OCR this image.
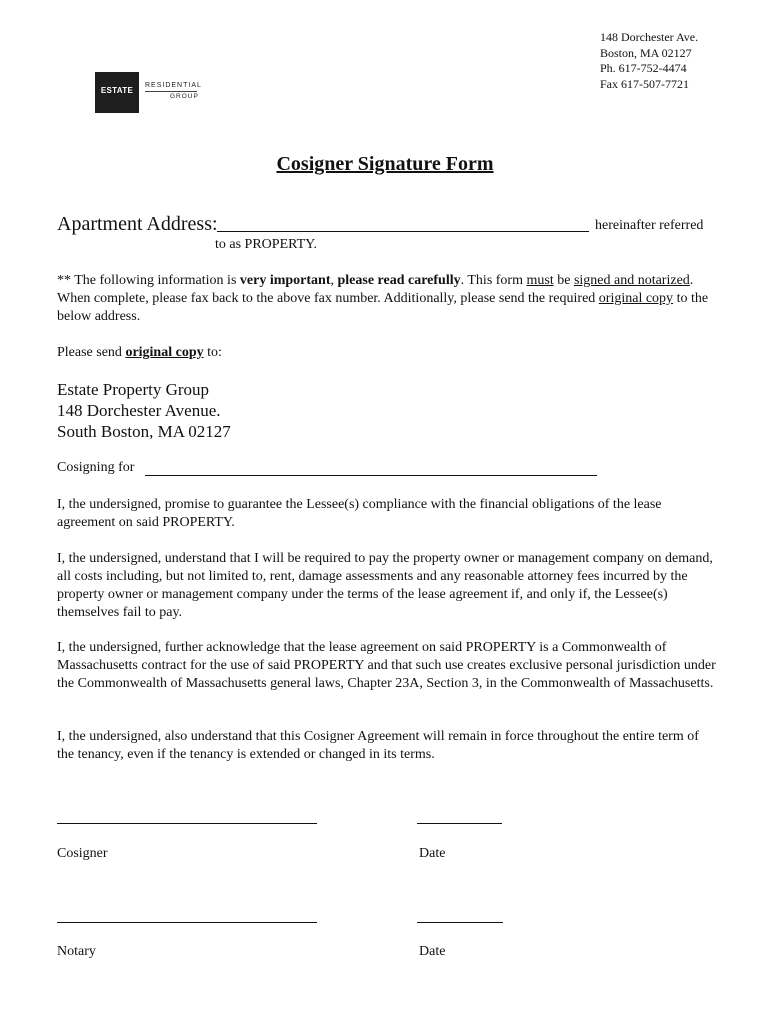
ESTATE
RESIDENTIAL
GROUP
148 Dorchester Ave.
Boston, MA 02127
Ph. 617-752-4474
Fax 617-507-7721
Cosigner Signature Form
Apartment Address:	hereinafter referred
to as PROPERTY.
** The following information is very important, please read carefully. This form must be signed and notarized. When complete, please fax back to the above fax number. Additionally, please send the required original copy to the below address.
Please send original copy to:
Estate Property Group
148 Dorchester Avenue.
South Boston, MA 02127
Cosigning for
I, the undersigned, promise to guarantee the Lessee(s) compliance with the financial obligations of the lease agreement on said PROPERTY.
I, the undersigned, understand that I will be required to pay the property owner or management company on demand, all costs including, but not limited to, rent, damage assessments and any reasonable attorney fees incurred by the property owner or management company under the terms of the lease agreement if, and only if, the Lessee(s) themselves fail to pay.
I, the undersigned, further acknowledge that the lease agreement on said PROPERTY is a Commonwealth of Massachusetts contract for the use of said PROPERTY and that such use creates exclusive personal jurisdiction under the Commonwealth of Massachusetts general laws, Chapter 23A, Section 3, in the Commonwealth of Massachusetts.
I, the undersigned, also understand that this Cosigner Agreement will remain in force throughout the entire term of the tenancy, even if the tenancy is extended or changed in its terms.
Cosigner	Date
Notary	Date
